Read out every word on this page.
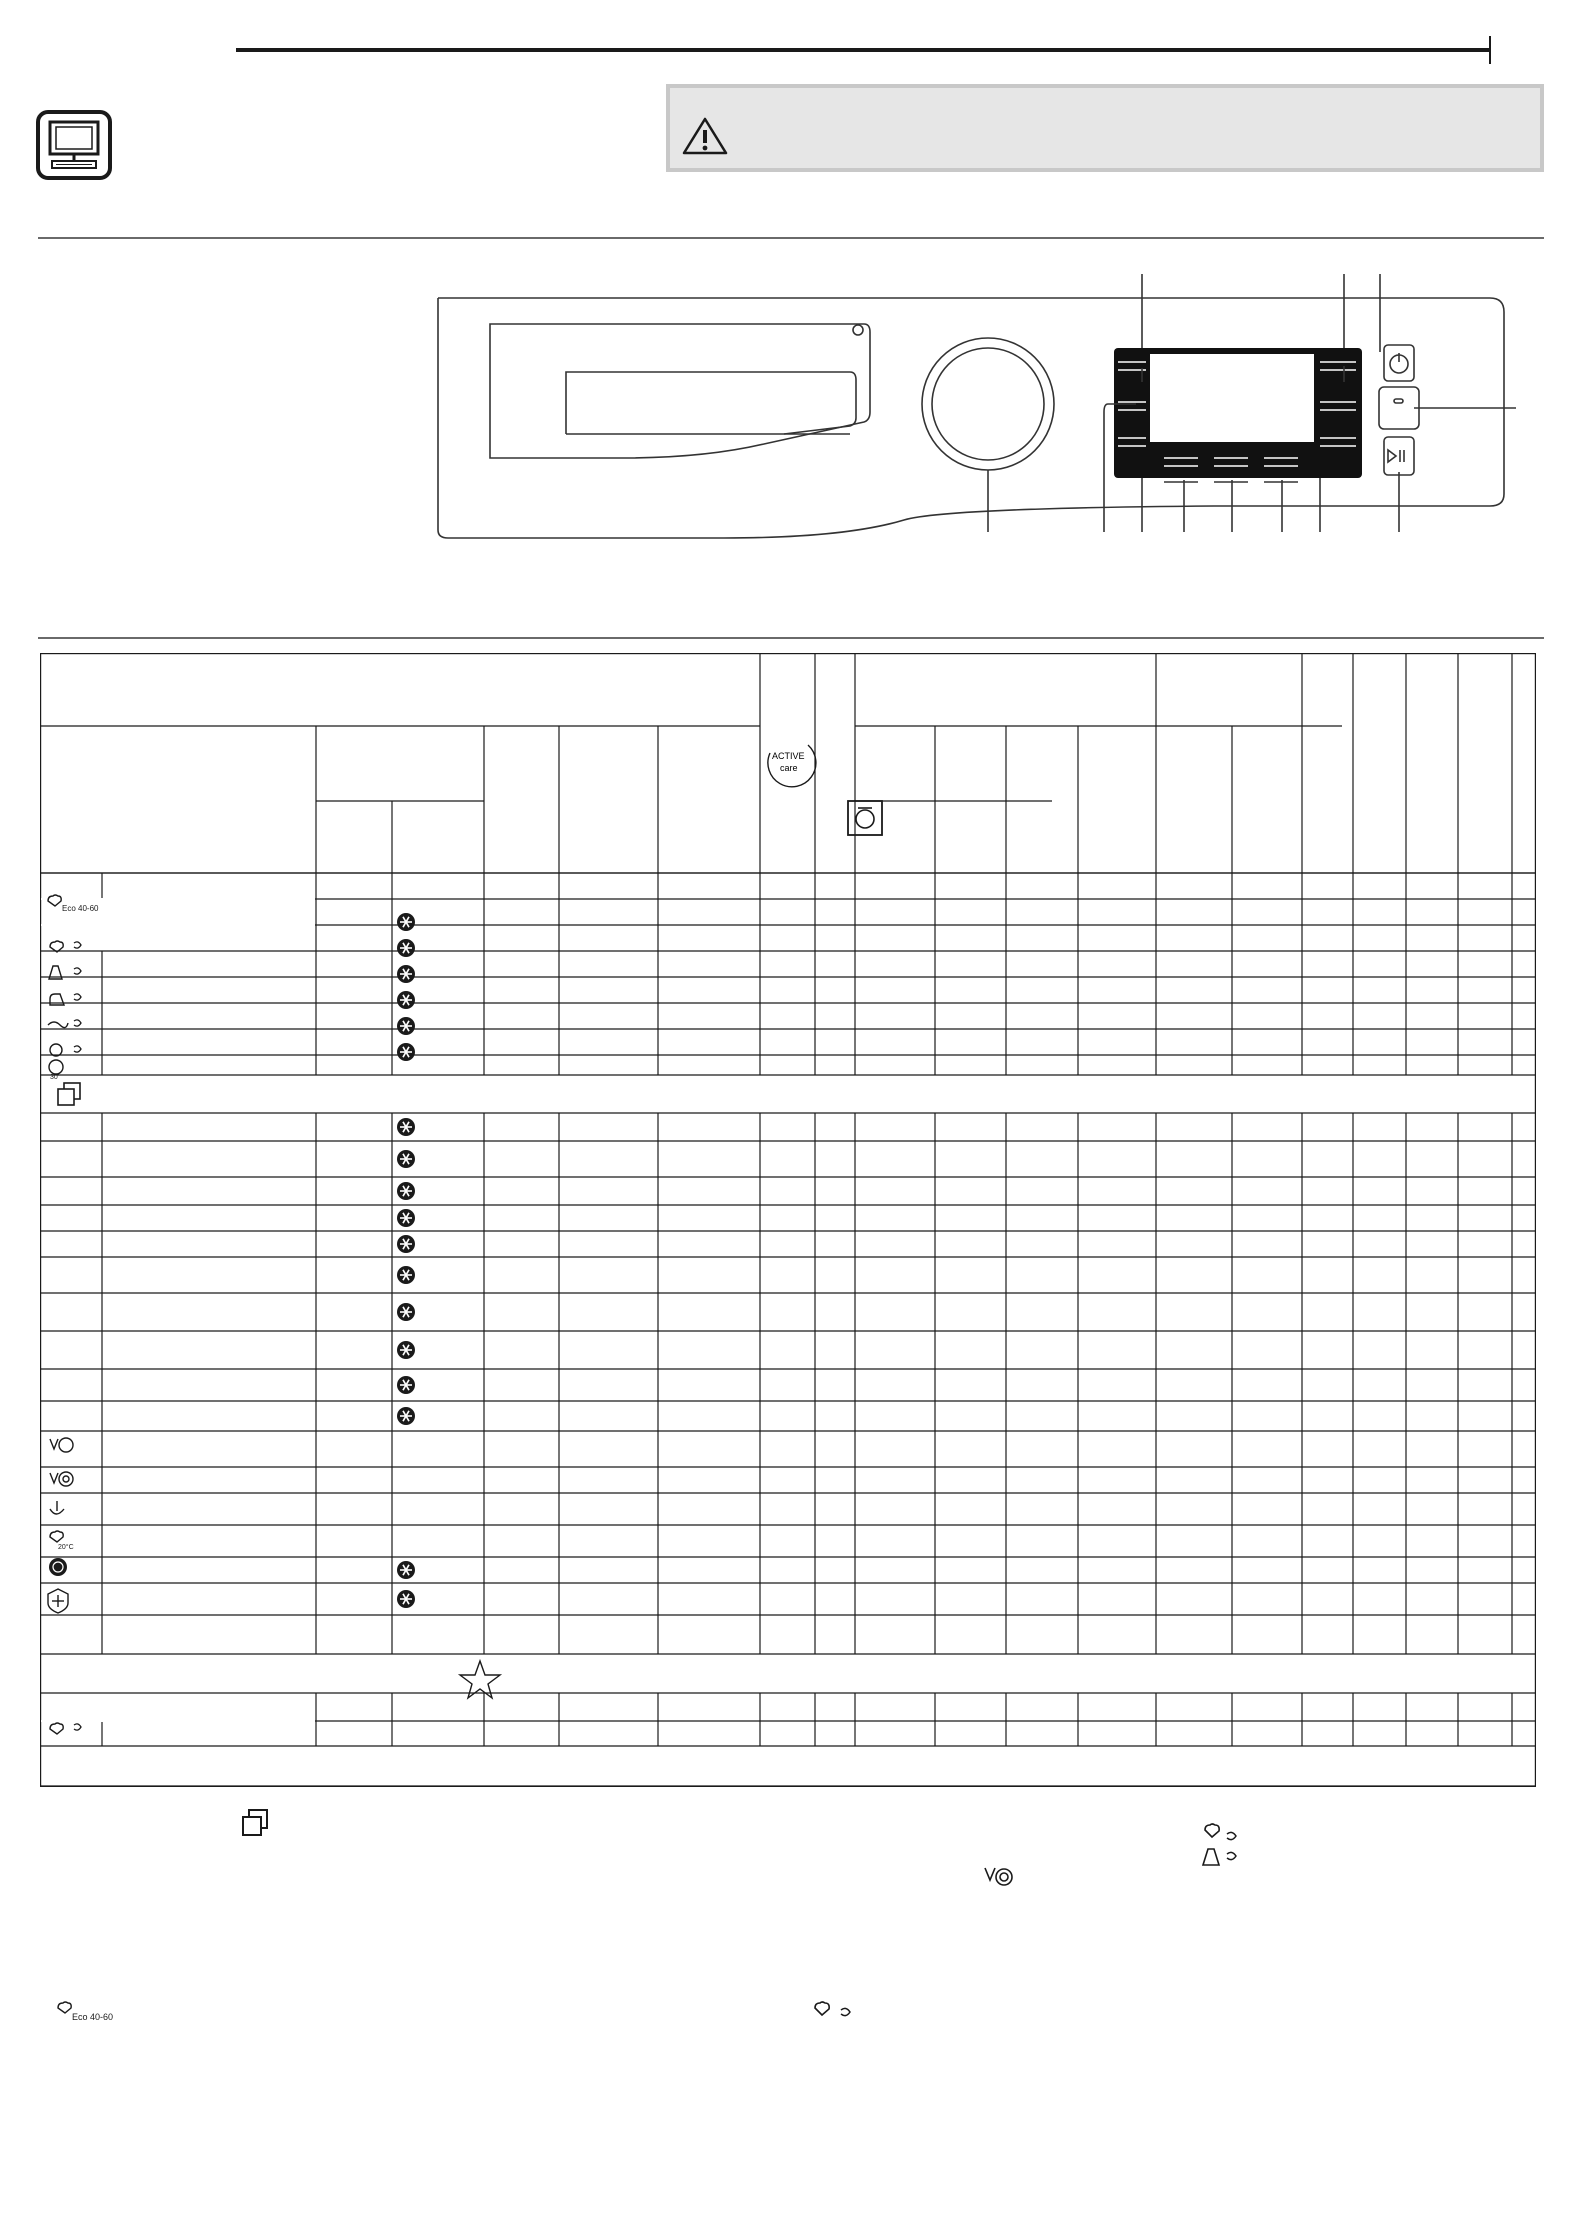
ACTIVE
care
Eco 40-60
30'
20°C
Eco 40-60
